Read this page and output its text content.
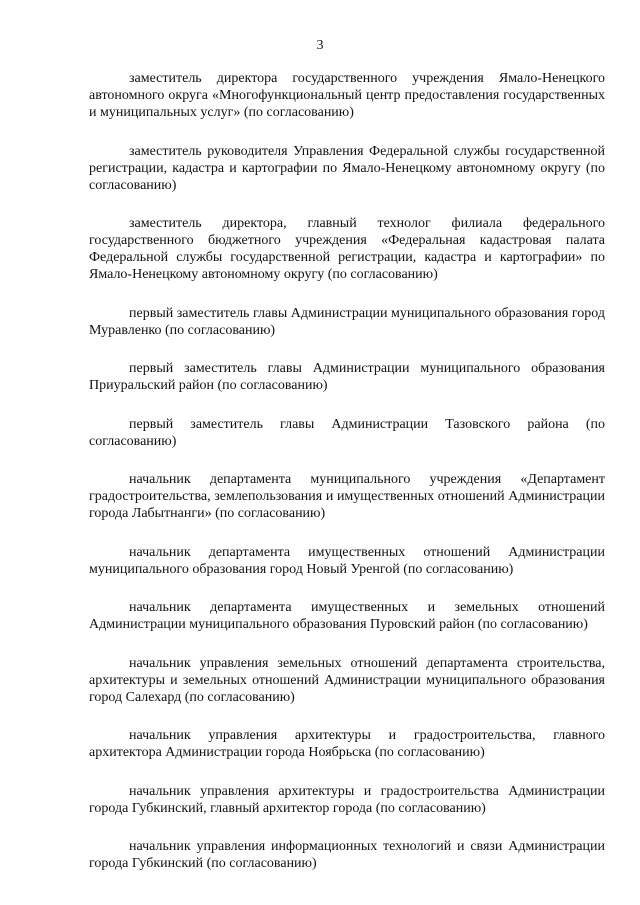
3

заместитель директора государственного учреждения Ямало-Ненецкого автономного округа «Многофункциональный центр предоставления государственных и муниципальных услуг» (по согласованию)

заместитель руководителя Управления Федеральной службы государственной регистрации, кадастра и картографии по Ямало-Ненецкому автономному округу (по согласованию)

заместитель директора, главный технолог филиала федерального государственного бюджетного учреждения «Федеральная кадастровая палата Федеральной службы государственной регистрации, кадастра и картографии» по Ямало-Ненецкому автономному округу (по согласованию)

первый заместитель главы Администрации муниципального образования город Муравленко (по согласованию)

первый заместитель главы Администрации муниципального образования Приуральский район (по согласованию)

первый заместитель главы Администрации Тазовского района (по согласованию)

начальник департамента муниципального учреждения «Департамент градостроительства, землепользования и имущественных отношений Администрации города Лабытнанги» (по согласованию)

начальник департамента имущественных отношений Администрации муниципального образования город Новый Уренгой (по согласованию)

начальник департамента имущественных и земельных отношений Администрации муниципального образования Пуровский район (по согласованию)

начальник управления земельных отношений департамента строительства, архитектуры и земельных отношений Администрации муниципального образования город Салехард (по согласованию)

начальник управления архитектуры и градостроительства, главного архитектора Администрации города Ноябрьска (по согласованию)

начальник управления архитектуры и градостроительства Администрации города Губкинский, главный архитектор города (по согласованию)

начальник управления информационных технологий и связи Администрации города Губкинский (по согласованию)
